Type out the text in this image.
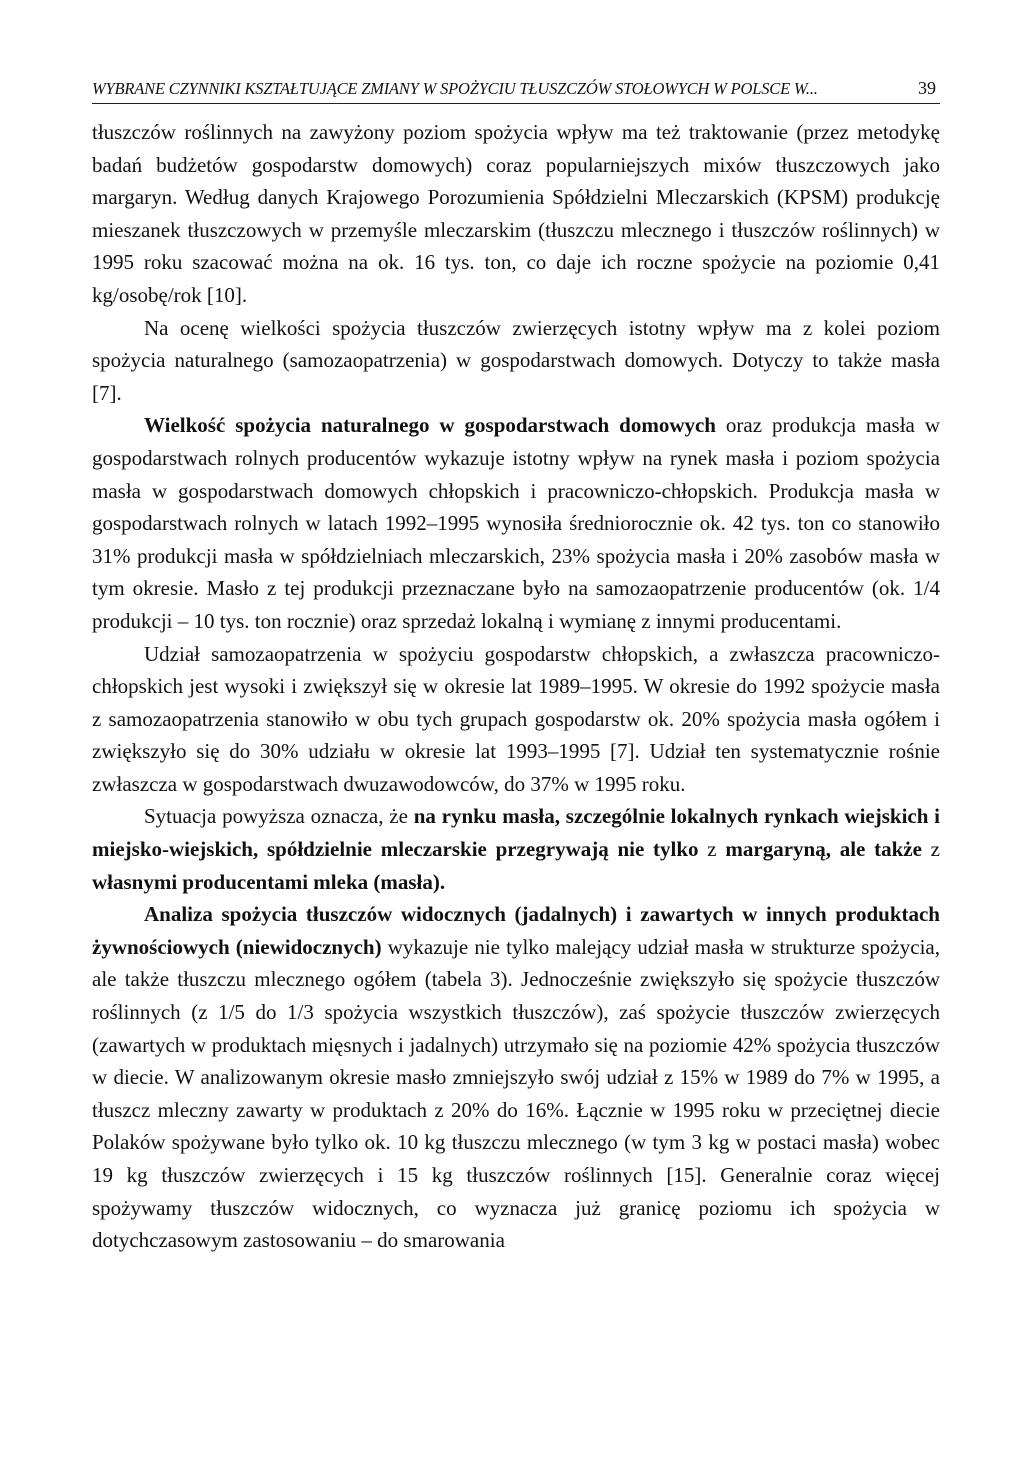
WYBRANE CZYNNIKI KSZTAŁTUJĄCE ZMIANY W SPOŻYCIU TŁUSZCZÓW STOŁOWYCH W POLSCE W...	39

tłuszczów roślinnych na zawyżony poziom spożycia wpływ ma też traktowanie (przez metodykę badań budżetów gospodarstw domowych) coraz popularniejszych mixów tłuszczowych jako margaryn. Według danych Krajowego Porozumienia Spółdzielni Mleczarskich (KPSM) produkcję mieszanek tłuszczowych w przemyśle mleczarskim (tłuszczu mlecznego i tłuszczów roślinnych) w 1995 roku szacować można na ok. 16 tys. ton, co daje ich roczne spożycie na poziomie 0,41 kg/osobę/rok [10].

Na ocenę wielkości spożycia tłuszczów zwierzęcych istotny wpływ ma z kolei poziom spożycia naturalnego (samozaopatrzenia) w gospodarstwach domowych. Dotyczy to także masła [7].

Wielkość spożycia naturalnego w gospodarstwach domowych oraz produkcja masła w gospodarstwach rolnych producentów wykazuje istotny wpływ na rynek masła i poziom spożycia masła w gospodarstwach domowych chłopskich i pracowniczo-chłopskich. Produkcja masła w gospodarstwach rolnych w latach 1992–1995 wynosiła średniorocznie ok. 42 tys. ton co stanowiło 31% produkcji masła w spółdzielniach mleczarskich, 23% spożycia masła i 20% zasobów masła w tym okresie. Masło z tej produkcji przeznaczane było na samozaopatrzenie producentów (ok. 1/4 produkcji – 10 tys. ton rocznie) oraz sprzedaż lokalną i wymianę z innymi producentami.

Udział samozaopatrzenia w spożyciu gospodarstw chłopskich, a zwłaszcza pracowniczo-chłopskich jest wysoki i zwiększył się w okresie lat 1989–1995. W okresie do 1992 spożycie masła z samozaopatrzenia stanowiło w obu tych grupach gospodarstw ok. 20% spożycia masła ogółem i zwiększyło się do 30% udziału w okresie lat 1993–1995 [7]. Udział ten systematycznie rośnie zwłaszcza w gospodarstwach dwuzawodowców, do 37% w 1995 roku.

Sytuacja powyższa oznacza, że na rynku masła, szczególnie lokalnych rynkach wiejskich i miejsko-wiejskich, spółdzielnie mleczarskie przegrywają nie tylko z margaryną, ale także z własnymi producentami mleka (masła).

Analiza spożycia tłuszczów widocznych (jadalnych) i zawartych w innych produktach żywnościowych (niewidocznych) wykazuje nie tylko malejący udział masła w strukturze spożycia, ale także tłuszczu mlecznego ogółem (tabela 3). Jednocześnie zwiększyło się spożycie tłuszczów roślinnych (z 1/5 do 1/3 spożycia wszystkich tłuszczów), zaś spożycie tłuszczów zwierzęcych (zawartych w produktach mięsnych i jadalnych) utrzymało się na poziomie 42% spożycia tłuszczów w diecie. W analizowanym okresie masło zmniejszyło swój udział z 15% w 1989 do 7% w 1995, a tłuszcz mleczny zawarty w produktach z 20% do 16%. Łącznie w 1995 roku w przeciętnej diecie Polaków spożywane było tylko ok. 10 kg tłuszczu mlecznego (w tym 3 kg w postaci masła) wobec 19 kg tłuszczów zwierzęcych i 15 kg tłuszczów roślinnych [15]. Generalnie coraz więcej spożywamy tłuszczów widocznych, co wyznacza już granicę poziomu ich spożycia w dotychczasowym zastosowaniu – do smarowania
